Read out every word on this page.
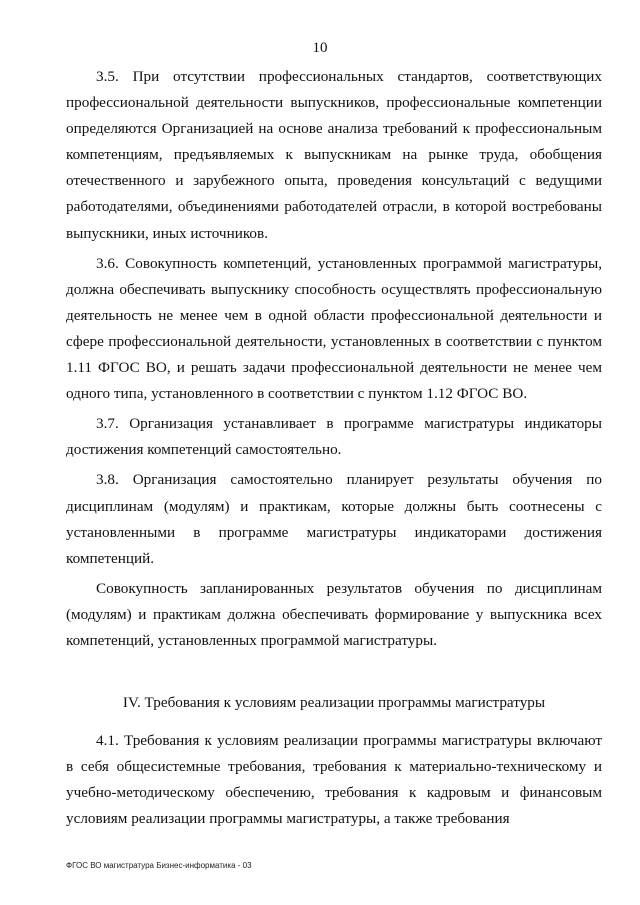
10

3.5. При отсутствии профессиональных стандартов, соответствующих профессиональной деятельности выпускников, профессиональные компетенции определяются Организацией на основе анализа требований к профессиональным компетенциям, предъявляемых к выпускникам на рынке труда, обобщения отечественного и зарубежного опыта, проведения консультаций с ведущими работодателями, объединениями работодателей отрасли, в которой востребованы выпускники, иных источников.

3.6. Совокупность компетенций, установленных программой магистратуры, должна обеспечивать выпускнику способность осуществлять профессиональную деятельность не менее чем в одной области профессиональной деятельности и сфере профессиональной деятельности, установленных в соответствии с пунктом 1.11 ФГОС ВО, и решать задачи профессиональной деятельности не менее чем одного типа, установленного в соответствии с пунктом 1.12 ФГОС ВО.

3.7. Организация устанавливает в программе магистратуры индикаторы достижения компетенций самостоятельно.

3.8. Организация самостоятельно планирует результаты обучения по дисциплинам (модулям) и практикам, которые должны быть соотнесены с установленными в программе магистратуры индикаторами достижения компетенций.

Совокупность запланированных результатов обучения по дисциплинам (модулям) и практикам должна обеспечивать формирование у выпускника всех компетенций, установленных программой магистратуры.

IV. Требования к условиям реализации программы магистратуры

4.1. Требования к условиям реализации программы магистратуры включают в себя общесистемные требования, требования к материально-техническому и учебно-методическому обеспечению, требования к кадровым и финансовым условиям реализации программы магистратуры, а также требования

ФГОС ВО магистратура Бизнес-информатика - 03
